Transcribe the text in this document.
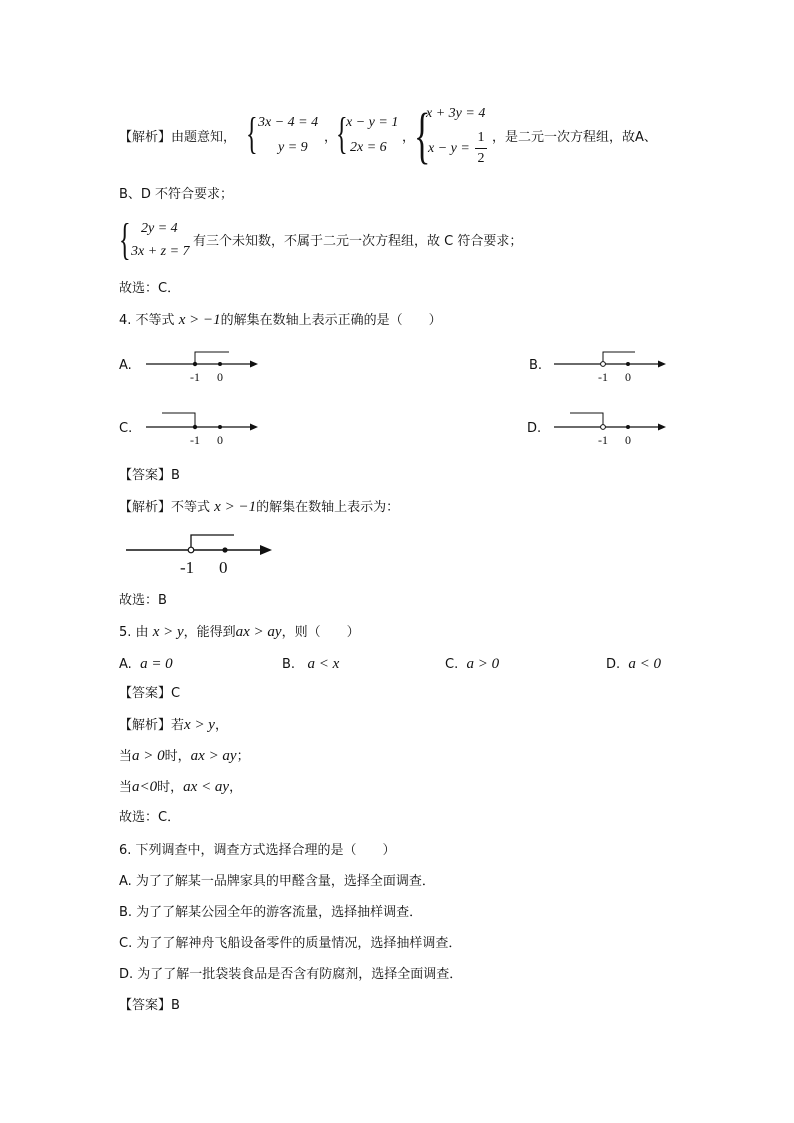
【解析】由题意知， { 3x − 4 = 4
y = 9
，
{
x − y = 1
2x = 6
，
{
x + 3y = 4
x − y =
1
2
，是二元一次方程组，故A、
B、D 不符合要求；
{ 2y = 4
3x + z = 7
有三个未知数，不属于二元一次方程组，故 C 符合要求；
故选：C．
4. 不等式 x > −1的解集在数轴上表示正确的是（　　）
A.
-1 0
B.
-1 0
C.
-1 0
D.
-1 0
【答案】B
【解析】不等式 x > −1的解集在数轴上表示为：
-1 0
故选：B
5. 由 x > y，能得到ax > ay，则（　　）
A. a = 0	B. a < x	C. a > 0	D. a < 0
【答案】C
【解析】若x > y，
当a > 0时，ax > ay；
当a<0时，ax < ay，
故选：C．
6. 下列调查中，调查方式选择合理的是（　　）
A. 为了了解某一品牌家具的甲醛含量，选择全面调查．
B. 为了了解某公园全年的游客流量，选择抽样调查．
C. 为了了解神舟飞船设备零件的质量情况，选择抽样调查．
D. 为了了解一批袋装食品是否含有防腐剂，选择全面调查．
【答案】B
